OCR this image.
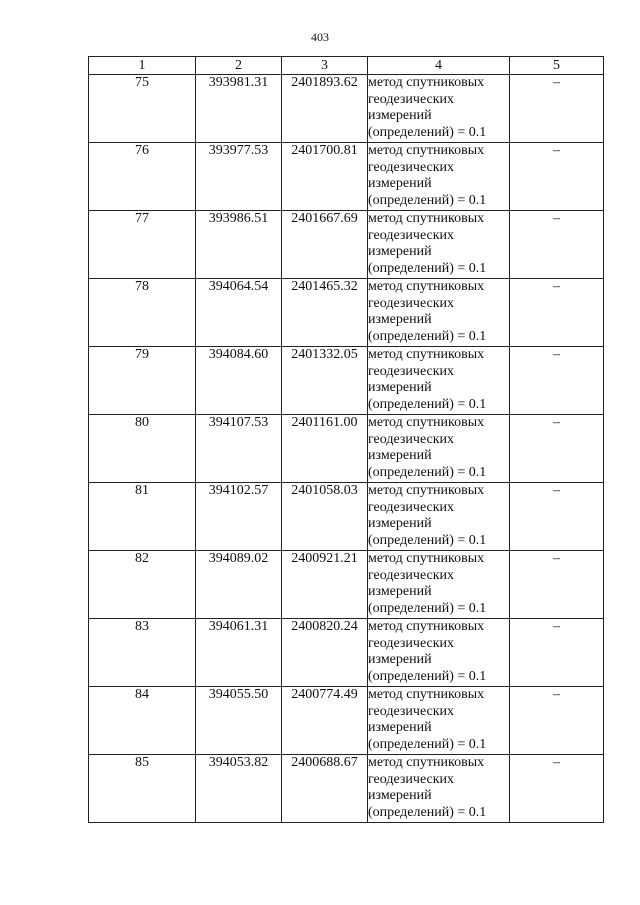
403
1	2	3	4	5
75	393981.31	2401893.62	метод спутниковых
геодезических
измерений
(определений) = 0.1	–
76	393977.53	2401700.81	метод спутниковых
геодезических
измерений
(определений) = 0.1	–
77	393986.51	2401667.69	метод спутниковых
геодезических
измерений
(определений) = 0.1	–
78	394064.54	2401465.32	метод спутниковых
геодезических
измерений
(определений) = 0.1	–
79	394084.60	2401332.05	метод спутниковых
геодезических
измерений
(определений) = 0.1	–
80	394107.53	2401161.00	метод спутниковых
геодезических
измерений
(определений) = 0.1	–
81	394102.57	2401058.03	метод спутниковых
геодезических
измерений
(определений) = 0.1	–
82	394089.02	2400921.21	метод спутниковых
геодезических
измерений
(определений) = 0.1	–
83	394061.31	2400820.24	метод спутниковых
геодезических
измерений
(определений) = 0.1	–
84	394055.50	2400774.49	метод спутниковых
геодезических
измерений
(определений) = 0.1	–
85	394053.82	2400688.67	метод спутниковых
геодезических
измерений
(определений) = 0.1	–
